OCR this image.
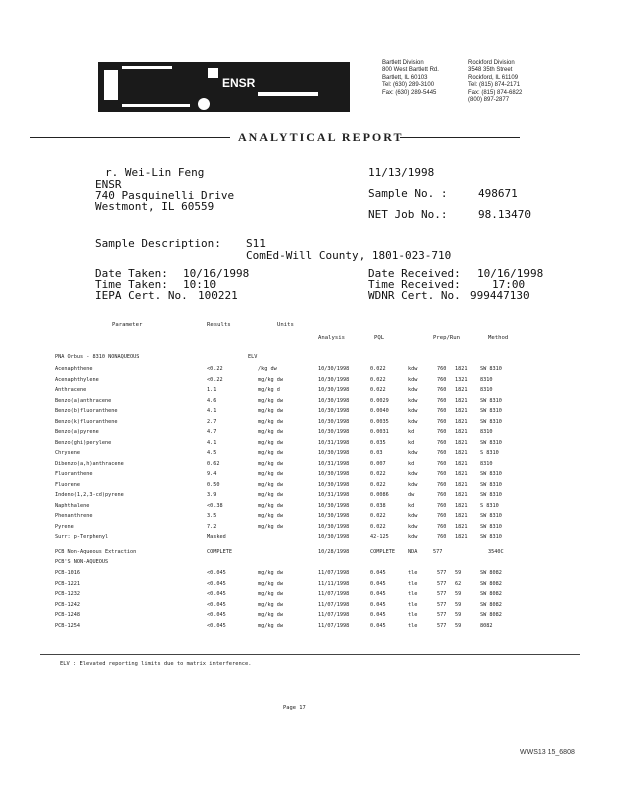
ENSR
Bartlett Division
800 West Bartlett Rd.
Bartlett, IL 60103
Tel: (630) 289-3100
Fax: (630) 289-5445
Rockford Division
3548 35th Street
Rockford, IL 61109
Tel: (815) 874-2171
Fax: (815) 874-6822
(800) 897-2877
ANALYTICAL REPORT
r. Wei-Lin Feng
ENSR
740 Pasquinelli Drive
Westmont, IL 60559
11/13/1998
Sample No. :	498671
NET Job No.:	98.13470
Sample Description: S11
ComEd-Will County, 1801-023-710
Date Taken: 10/16/1998
Time Taken: 10:10
IEPA Cert. No. 100221
Date Received: 10/16/1998
Time Received:	17:00
WDNR Cert. No. 999447130
Parameter	Results	Units
Analysis	PQL	Prep/Run	Method
PNA Orbus - 8310 NONAQUEOUS	ELV
Acenaphthene	<0.22	/kg dw	10/30/1998	0.022	kdw	760 1821 SW 8310
Acenaphthylene	<0.22	mg/kg dw	10/30/1998	0.022	kdw	760 1321 8310
Anthracene	1.1	mg/kg d	10/30/1998	0.022	kdw	760 1821 8310
Benzo(a)anthracene	4.6	mg/kg dw	10/30/1998	0.0029	kdw	760 1821 SW 8310
Benzo(b)fluoranthene	4.1	mg/kg dw	10/30/1998	0.0040	kdw	760 1821 SW 8310
Benzo(k)fluoranthene	2.7	mg/kg dw	10/30/1998	0.0035	kdw	760 1821 SW 8310
Benzo(a)pyrene	4.7	mg/kg dw	10/30/1998	0.0031	kd	760 1821 8310
Benzo(ghi)perylene	4.1	mg/kg dw	10/31/1998	0.035	kd	760 1821 SW 8310
Chrysene	4.5	mg/kg dw	10/30/1998	0.03	kdw	760 1821 S 8310
Dibenzo(a,h)anthracene	0.62	mg/kg dw	10/31/1998	0.007	kd	760 1821 8310
Fluoranthene	9.4	mg/kg dw	10/30/1998	0.022	kdw	760 1821 SW 8310
Fluorene	0.50	mg/kg dw	10/30/1998	0.022	kdw	760 1821 SW 8310
Indeno(1,2,3-cd)pyrene	3.9	mg/kg dw	10/31/1998	0.0086	dw	760 1821 SW 8310
Naphthalene	<0.38	mg/kg dw	10/30/1998	0.038	kd	760 1821 S 8310
Phenanthrene	3.5	mg/kg dw	10/30/1998	0.022	kdw	760 1821 SW 8310
Pyrene	7.2	mg/kg dw	10/30/1998	0.022	kdw	760 1821 SW 8310
Surr: p-Terphenyl	Masked	10/30/1998	42-125	kdw	760 1821 SW 8310
PCB Non-Aqueous Extraction	COMPLETE	10/28/1998	COMPLETE	NDA	577	3540C
PCB'S NON-AQUEOUS
PCB-1016	<0.045	mg/kg dw	11/07/1998	0.045	tle	577 59	SW 8082
PCB-1221	<0.045	mg/kg dw	11/11/1998	0.045	tle	577 62	SW 8082
PCB-1232	<0.045	mg/kg dw	11/07/1998	0.045	tle	577 59	SW 8082
PCB-1242	<0.045	mg/kg dw	11/07/1998	0.045	tle	577 59	SW 8082
PCB-1248	<0.045	mg/kg dw	11/07/1998	0.045	tle	577 59	SW 8082
PCB-1254	<0.045	mg/kg dw	11/07/1998	0.045	tle	577 59	8082
ELV : Elevated reporting limits due to matrix interference.
Page 17
WWS13 15_6808
